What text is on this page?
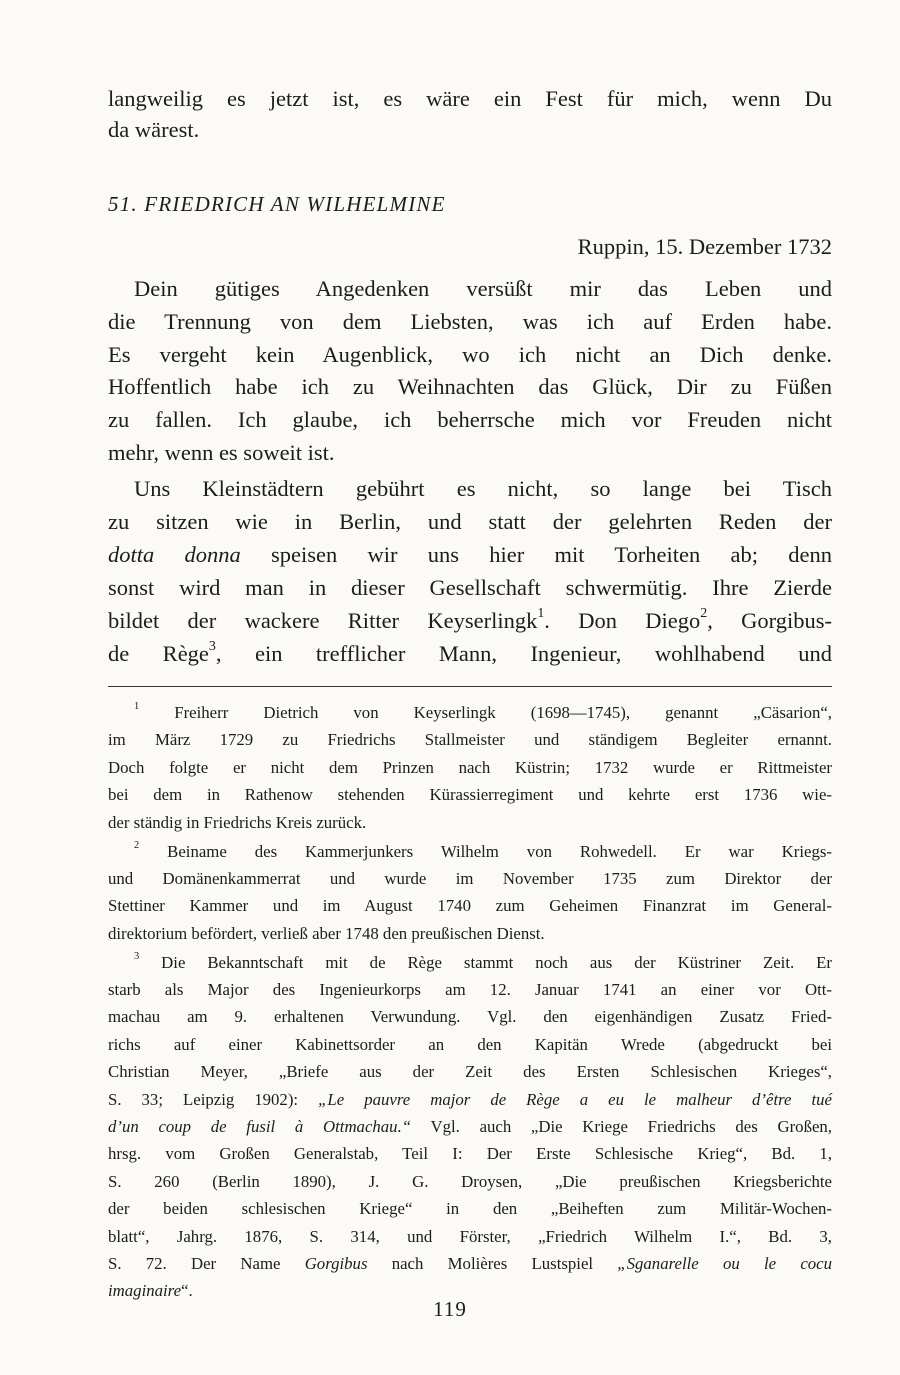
langweilig es jetzt ist, es wäre ein Fest für mich, wenn Du
da wärest.
51. FRIEDRICH AN WILHELMINE
Ruppin, 15. Dezember 1732
Dein gütiges Angedenken versüßt mir das Leben und
die Trennung von dem Liebsten, was ich auf Erden habe.
Es vergeht kein Augenblick, wo ich nicht an Dich denke.
Hoffentlich habe ich zu Weihnachten das Glück, Dir zu Füßen
zu fallen. Ich glaube, ich beherrsche mich vor Freuden nicht
mehr, wenn es soweit ist.
Uns Kleinstädtern gebührt es nicht, so lange bei Tisch
zu sitzen wie in Berlin, und statt der gelehrten Reden der
dotta donna speisen wir uns hier mit Torheiten ab; denn
sonst wird man in dieser Gesellschaft schwermütig. Ihre Zierde
bildet der wackere Ritter Keyserlingk$^1$. Don Diego$^2$, Gorgibus-
de Rège$^3$, ein trefflicher Mann, Ingenieur, wohlhabend und
$^1$ Freiherr Dietrich von Keyserlingk (1698—1745), genannt „Cäsarion“,
im März 1729 zu Friedrichs Stallmeister und ständigem Begleiter ernannt.
Doch folgte er nicht dem Prinzen nach Küstrin; 1732 wurde er Rittmeister
bei dem in Rathenow stehenden Kürassierregiment und kehrte erst 1736 wie-
der ständig in Friedrichs Kreis zurück.
$^2$ Beiname des Kammerjunkers Wilhelm von Rohwedell. Er war Kriegs-
und Domänenkammerrat und wurde im November 1735 zum Direktor der
Stettiner Kammer und im August 1740 zum Geheimen Finanzrat im General-
direktorium befördert, verließ aber 1748 den preußischen Dienst.
$^3$ Die Bekanntschaft mit de Rège stammt noch aus der Küstriner Zeit. Er
starb als Major des Ingenieurkorps am 12. Januar 1741 an einer vor Ott-
machau am 9. erhaltenen Verwundung. Vgl. den eigenhändigen Zusatz Fried-
richs auf einer Kabinettsorder an den Kapitän Wrede (abgedruckt bei
Christian Meyer, „Briefe aus der Zeit des Ersten Schlesischen Krieges“,
S. 33; Leipzig 1902): „Le pauvre major de Rège a eu le malheur d’être tué
d’un coup de fusil à Ottmachau.“ Vgl. auch „Die Kriege Friedrichs des Großen,
hrsg. vom Großen Generalstab, Teil I: Der Erste Schlesische Krieg“, Bd. 1,
S. 260 (Berlin 1890), J. G. Droysen, „Die preußischen Kriegsberichte
der beiden schlesischen Kriege“ in den „Beiheften zum Militär-Wochen-
blatt“, Jahrg. 1876, S. 314, und Förster, „Friedrich Wilhelm I.“, Bd. 3,
S. 72. Der Name Gorgibus nach Molières Lustspiel „Sganarelle ou le cocu
imaginaire“.
119
